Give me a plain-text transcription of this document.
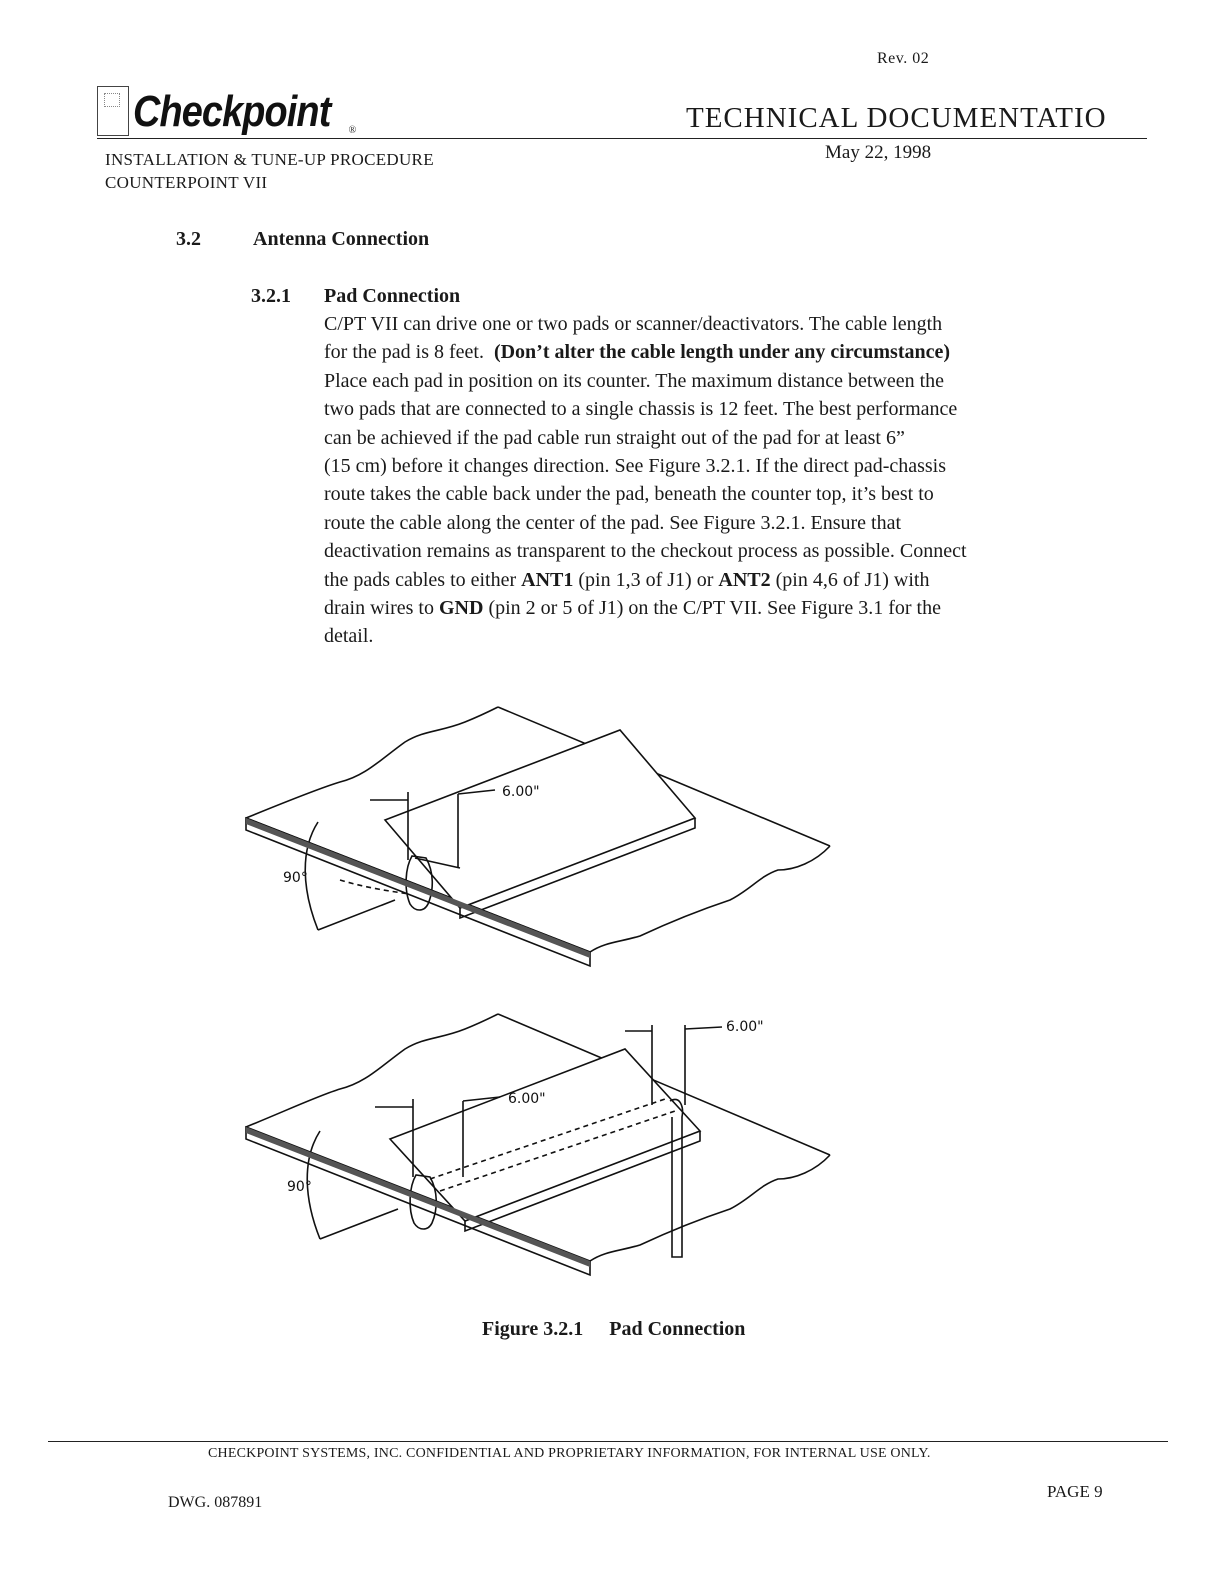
Rev. 02
Checkpoint ®	TECHNICAL DOCUMENTATIO
May 22, 1998
INSTALLATION & TUNE-UP PROCEDURE
COUNTERPOINT VII
3.2	Antenna Connection
3.2.1 Pad Connection
C/PT VII can drive one or two pads or scanner/deactivators. The cable length
for the pad is 8 feet. (Don’t alter the cable length under any circumstance)
Place each pad in position on its counter. The maximum distance between the
two pads that are connected to a single chassis is 12 feet. The best performance
can be achieved if the pad cable run straight out of the pad for at least 6”
(15 cm) before it changes direction. See Figure 3.2.1. If the direct pad-chassis
route takes the cable back under the pad, beneath the counter top, it’s best to
route the cable along the center of the pad. See Figure 3.2.1. Ensure that
deactivation remains as transparent to the checkout process as possible. Connect
the pads cables to either ANT1 (pin 1,3 of J1) or ANT2 (pin 4,6 of J1) with
drain wires to GND (pin 2 or 5 of J1) on the C/PT VII. See Figure 3.1 for the
detail.
6.00"
90°
6.00"
6.00"
90°
Figure 3.2.1 Pad Connection
CHECKPOINT SYSTEMS, INC. CONFIDENTIAL AND PROPRIETARY INFORMATION, FOR INTERNAL USE ONLY.
PAGE 9
DWG. 087891
